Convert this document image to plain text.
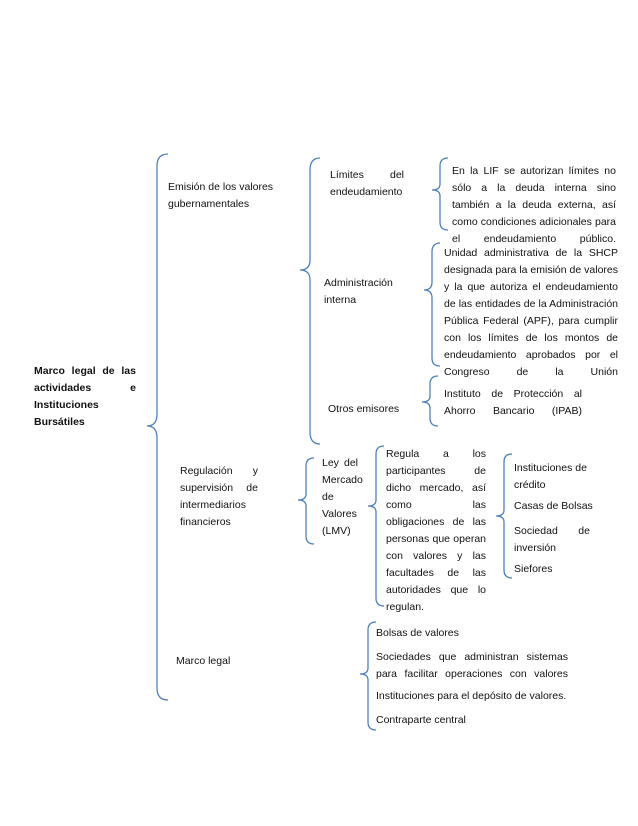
Marco legal de las actividades e Instituciones Bursátiles

Emisión de los valores gubernamentales

Regulación y supervisión de intermediarios financieros

Marco legal

Límites del endeudamiento

En la LIF se autorizan límites no sólo a la deuda interna sino también a la deuda externa, así como condiciones adicionales para el endeudamiento público.

Administración interna

Unidad administrativa de la SHCP designada para la emisión de valores y la que autoriza el endeudamiento de las entidades de la Administración Pública Federal (APF), para cumplir con los límites de los montos de endeudamiento aprobados por el Congreso de la Unión

Otros emisores

Instituto de Protección al Ahorro Bancario (IPAB)

Ley del Mercado de Valores (LMV)

Regula a los participantes de dicho mercado, así como las obligaciones de las personas que operan con valores y las facultades de las autoridades que lo regulan.

Instituciones de crédito

Casas de Bolsas

Sociedad de inversión

Siefores

Bolsas de valores

Sociedades que administran sistemas para facilitar operaciones con valores

Instituciones para el depósito de valores.

Contraparte central
